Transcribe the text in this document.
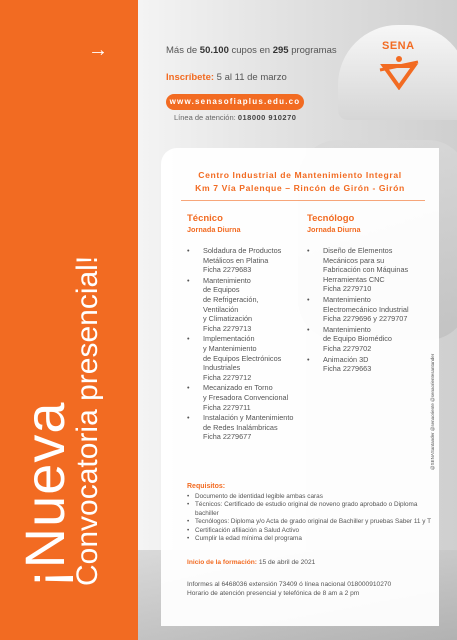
→
¡Nueva
Convocatoria presencial!
Más de 50.100 cupos en 295 programas
Inscríbete: 5 al 11 de marzo
www.senasofiaplus.edu.co
Línea de atención: 018000 910270
SENA
Centro Industrial de Mantenimiento Integral
Km 7 Vía Palenque – Rincón de Girón - Girón
Técnico
Jornada Diurna
• Soldadura de Productos
Metálicos en Platina
Ficha 2279683
• Mantenimiento
de Equipos
de Refrigeración,
Ventilación
y Climatización
Ficha 2279713
• Implementación
y Mantenimiento
de Equipos Electrónicos
Industriales
Ficha 2279712
• Mecanizado en Torno
y Fresadora Convencional
Ficha 2279711
• Instalación y Mantenimiento
de Redes Inalámbricas
Ficha 2279677
Tecnólogo
Jornada Diurna
• Diseño de Elementos
Mecánicos para su
Fabricación con Máquinas
Herramientas CNC
Ficha 2279710
• Mantenimiento
Electromecánico Industrial
Ficha 2279696 y 2279707
• Mantenimiento
de Equipo Biomédico
Ficha 2279702
• Animación 3D
Ficha 2279663
Requisitos:
• Documento de identidad legible ambas caras
• Técnicos: Certificado de estudio original de noveno grado aprobado o Diploma bachiller
• Tecnólogos: Diploma y/o Acta de grado original de Bachiller y pruebas Saber 11 y T
• Certificación afiliación a Salud Activo
• Cumplir la edad mínima del programa
Inicio de la formación: 15 de abril de 2021
Informes al 6468036 extensión 73409 ó línea nacional 018000910270
Horario de atención presencial y telefónica de 8 am a 2 pm
@SENASantander @senaoriente @senaorientesantander
